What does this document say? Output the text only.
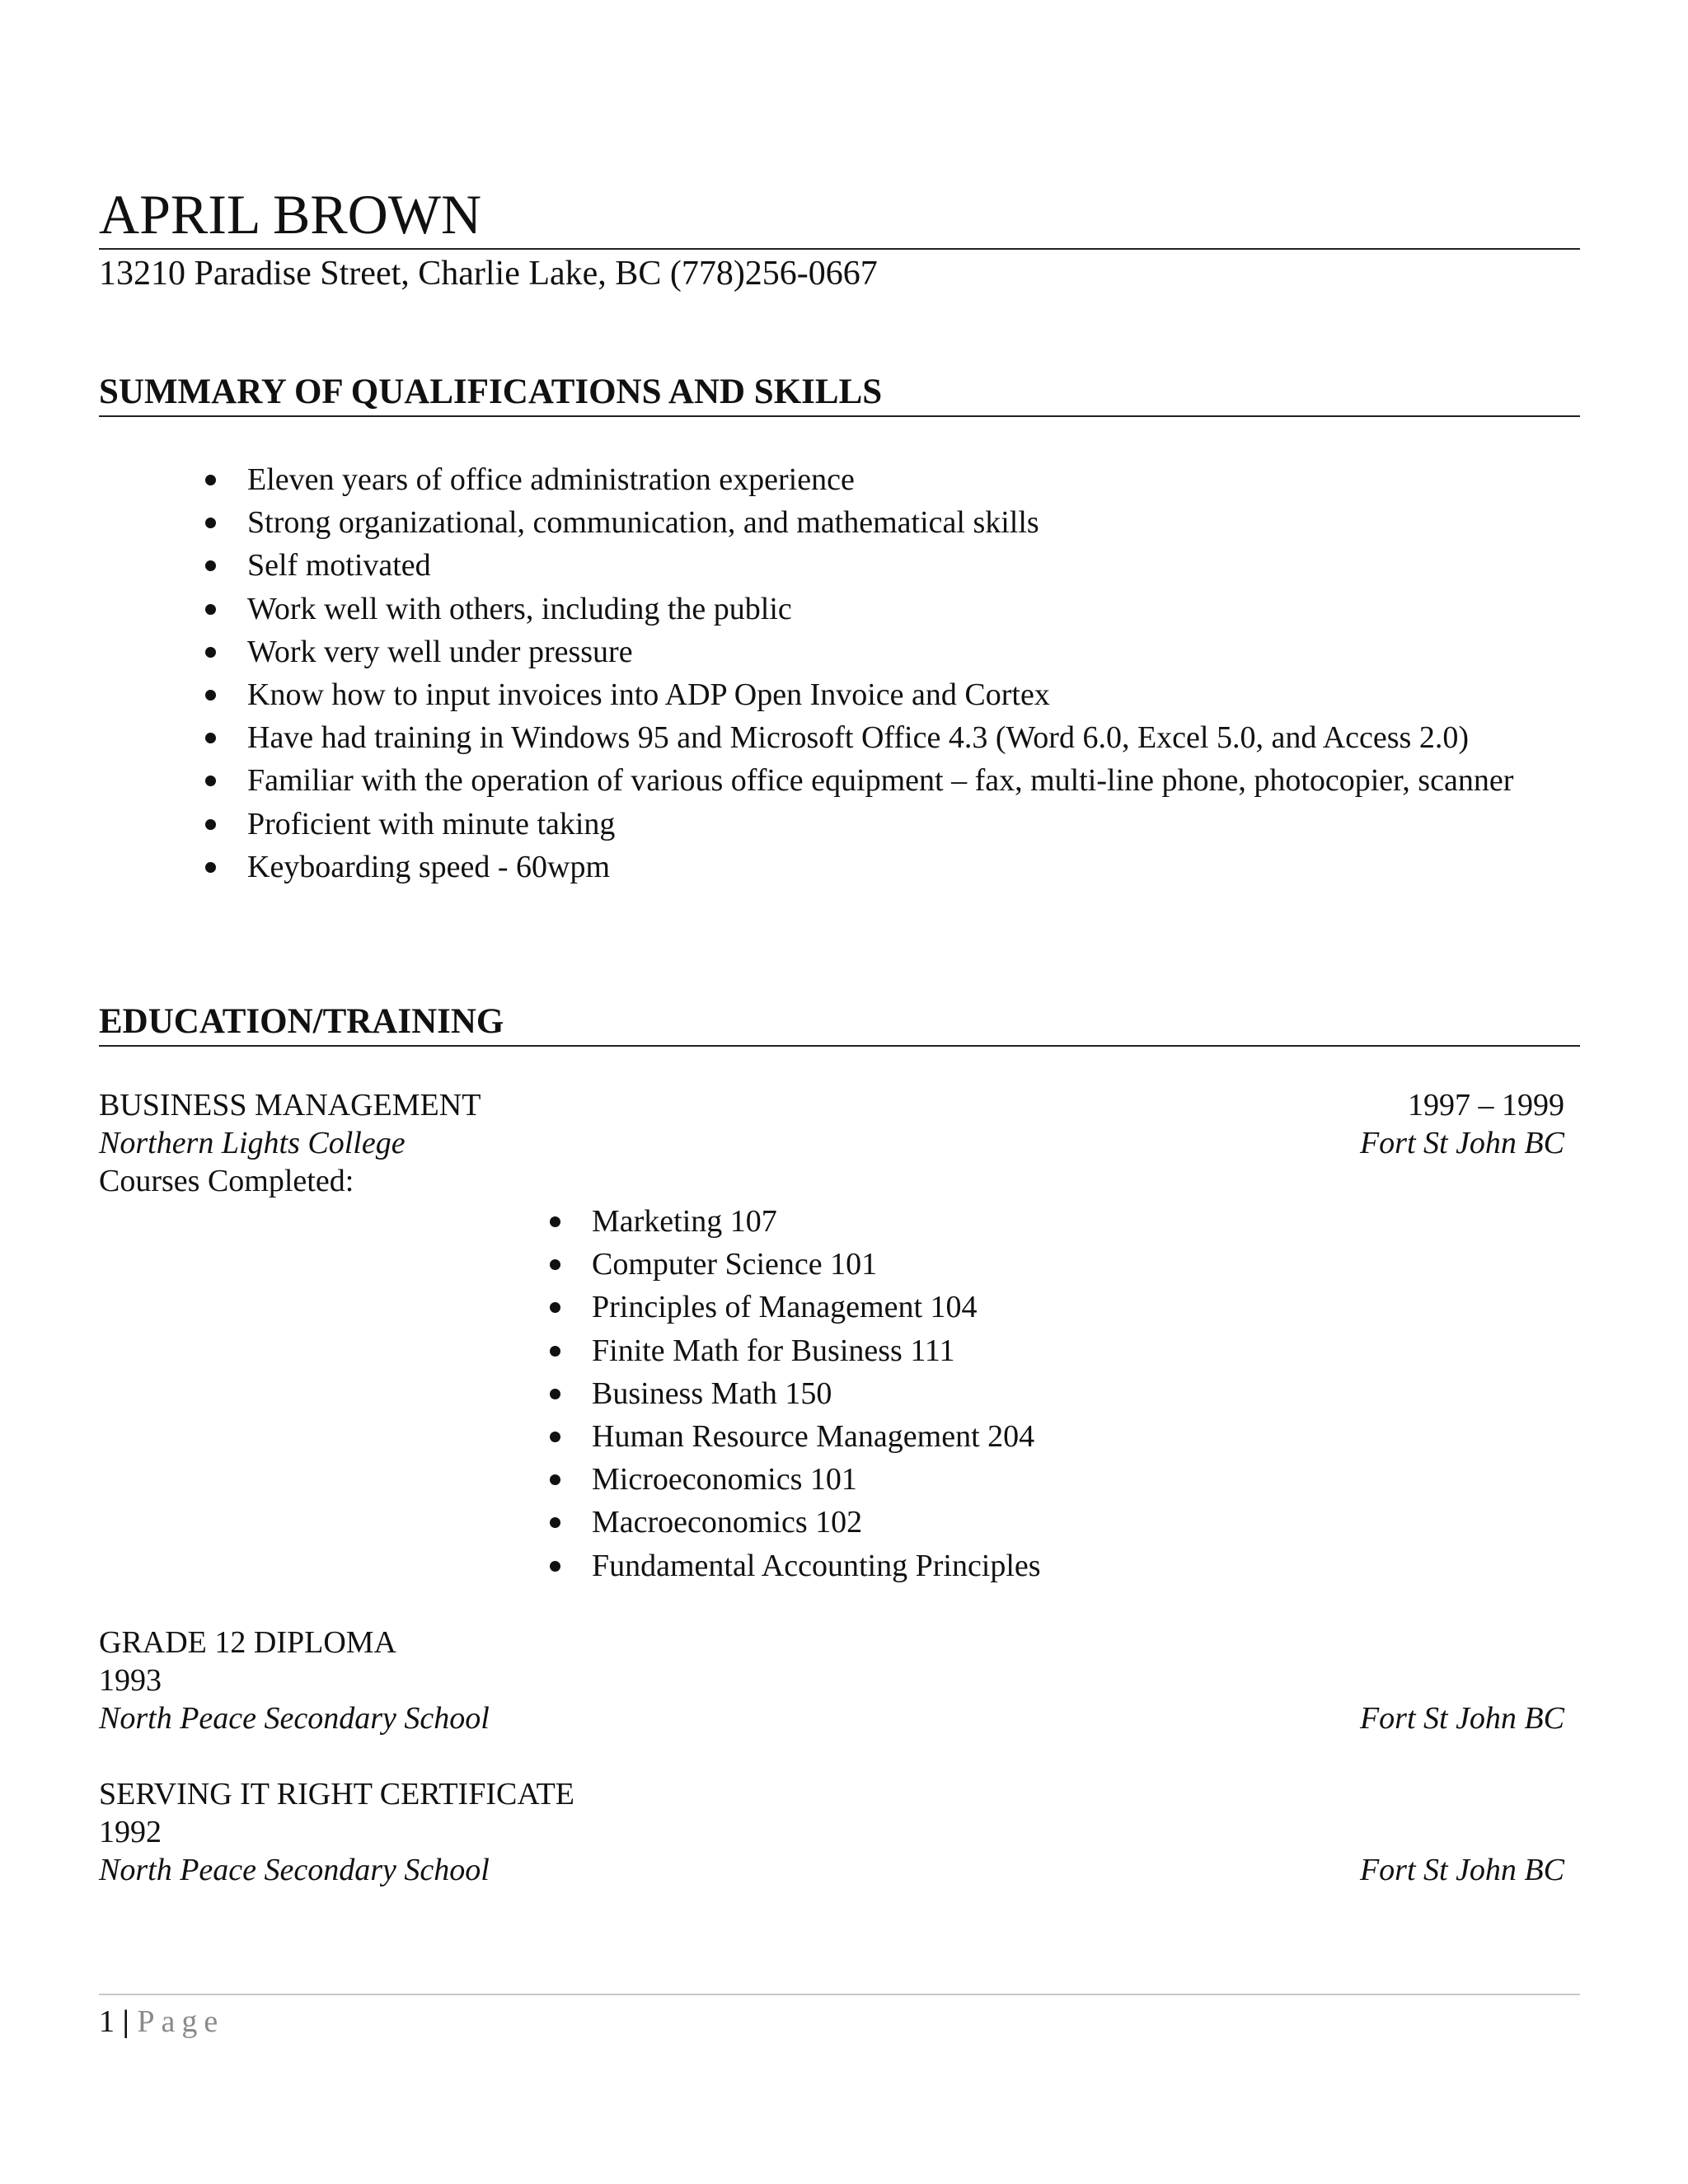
APRIL BROWN
13210 Paradise Street, Charlie Lake, BC (778)256-0667
SUMMARY OF QUALIFICATIONS AND SKILLS
Eleven years of office administration experience
Strong organizational, communication, and mathematical skills
Self motivated
Work well with others, including the public
Work very well under pressure
Know how to input invoices into ADP Open Invoice and Cortex
Have had training in Windows 95 and Microsoft Office 4.3 (Word 6.0, Excel 5.0, and Access 2.0)
Familiar with the operation of various office equipment – fax, multi-line phone, photocopier, scanner
Proficient with minute taking
Keyboarding speed - 60wpm
EDUCATION/TRAINING
BUSINESS MANAGEMENT	1997 – 1999
Northern Lights College	Fort St John BC
Courses Completed:
Marketing 107
Computer Science 101
Principles of Management 104
Finite Math for Business 111
Business Math 150
Human Resource Management 204
Microeconomics 101
Macroeconomics 102
Fundamental Accounting Principles
GRADE 12 DIPLOMA
1993
North Peace Secondary School	Fort St John BC
SERVING IT RIGHT CERTIFICATE
1992
North Peace Secondary School	Fort St John BC
1 | Page
